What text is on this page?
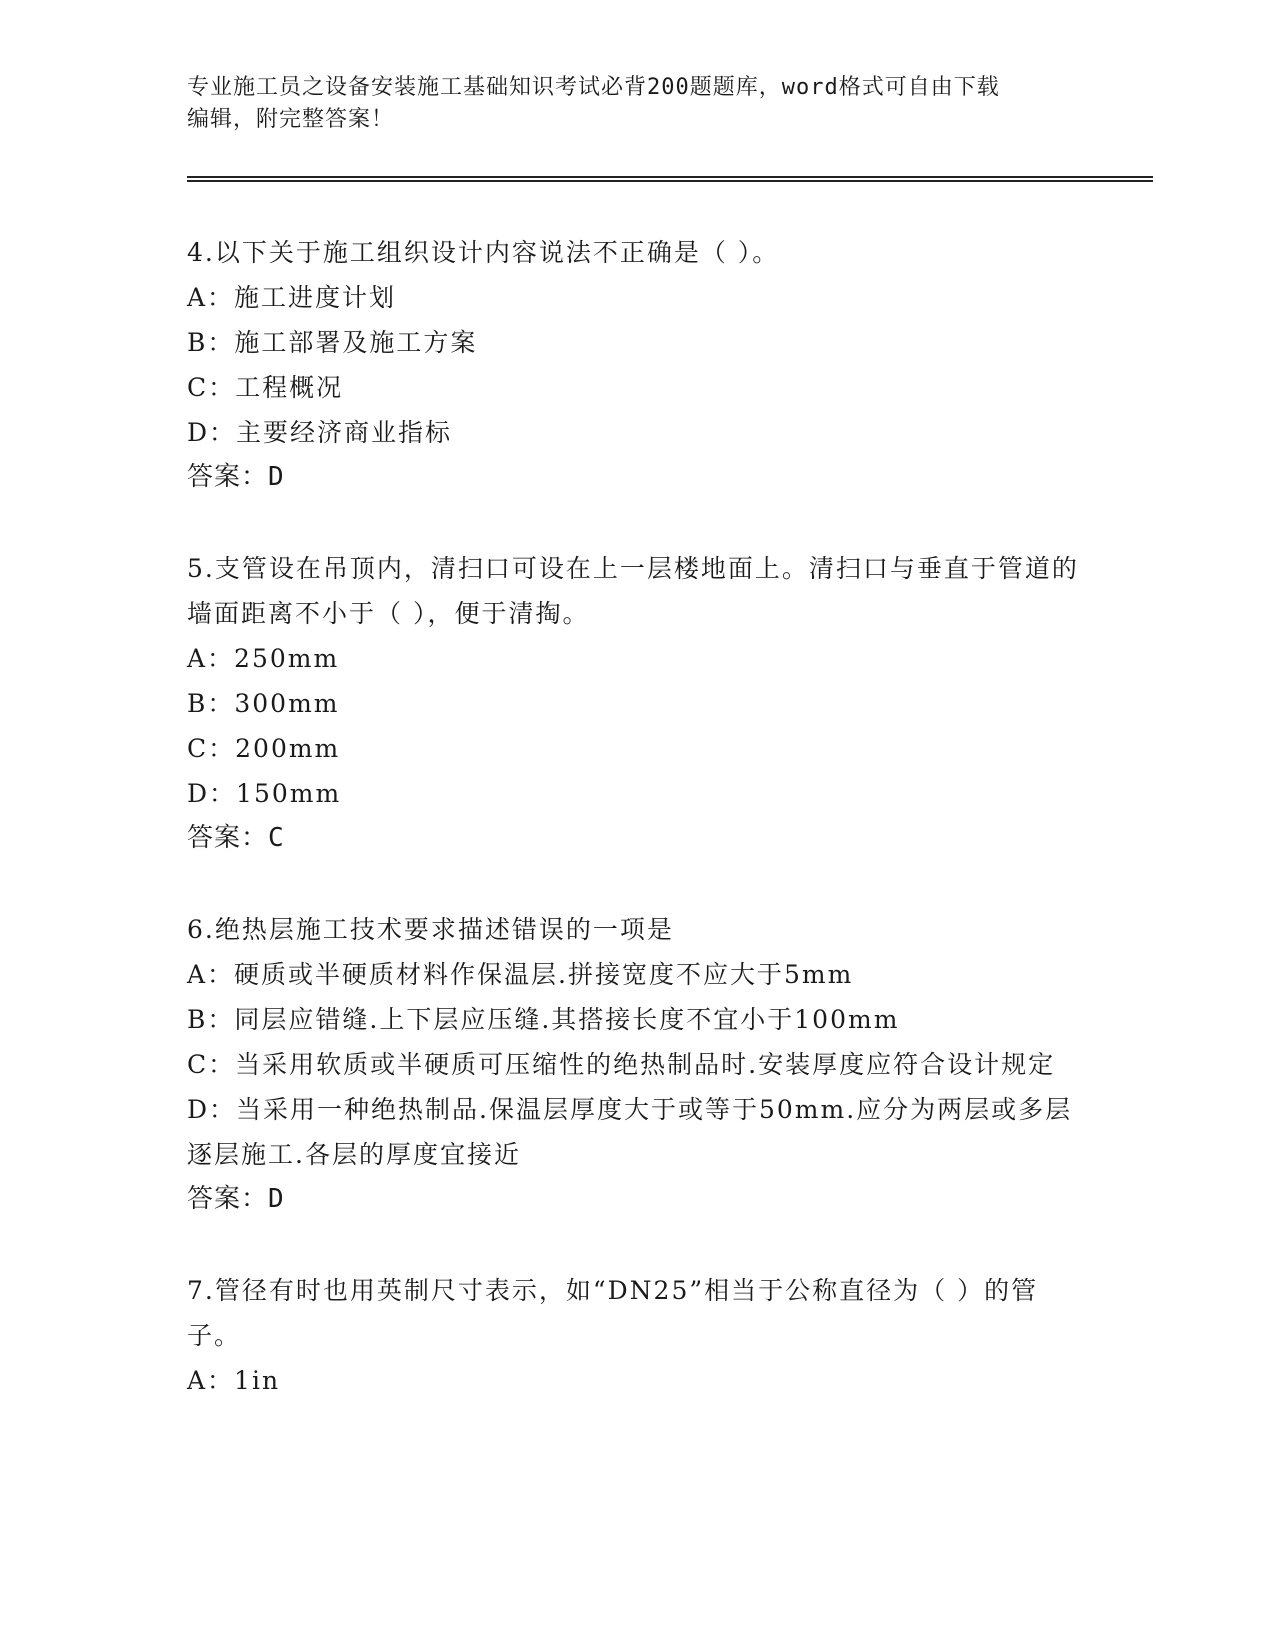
专业施工员之设备安装施工基础知识考试必背200题题库，word格式可自由下载
编辑，附完整答案！
4.以下关于施工组织设计内容说法不正确是（ ）。
A：施工进度计划
B：施工部署及施工方案
C：工程概况
D：主要经济商业指标
答案：D
5.支管设在吊顶内，清扫口可设在上一层楼地面上。清扫口与垂直于管道的墙面距离不小于（ ），便于清掏。
A：250mm
B：300mm
C：200mm
D：150mm
答案：C
6.绝热层施工技术要求描述错误的一项是
A：硬质或半硬质材料作保温层.拼接宽度不应大于5mm
B：同层应错缝.上下层应压缝.其搭接长度不宜小于100mm
C：当采用软质或半硬质可压缩性的绝热制品时.安装厚度应符合设计规定
D：当采用一种绝热制品.保温层厚度大于或等于50mm.应分为两层或多层逐层施工.各层的厚度宜接近
答案：D
7.管径有时也用英制尺寸表示，如“DN25”相当于公称直径为（ ）的管子。
A：1in
